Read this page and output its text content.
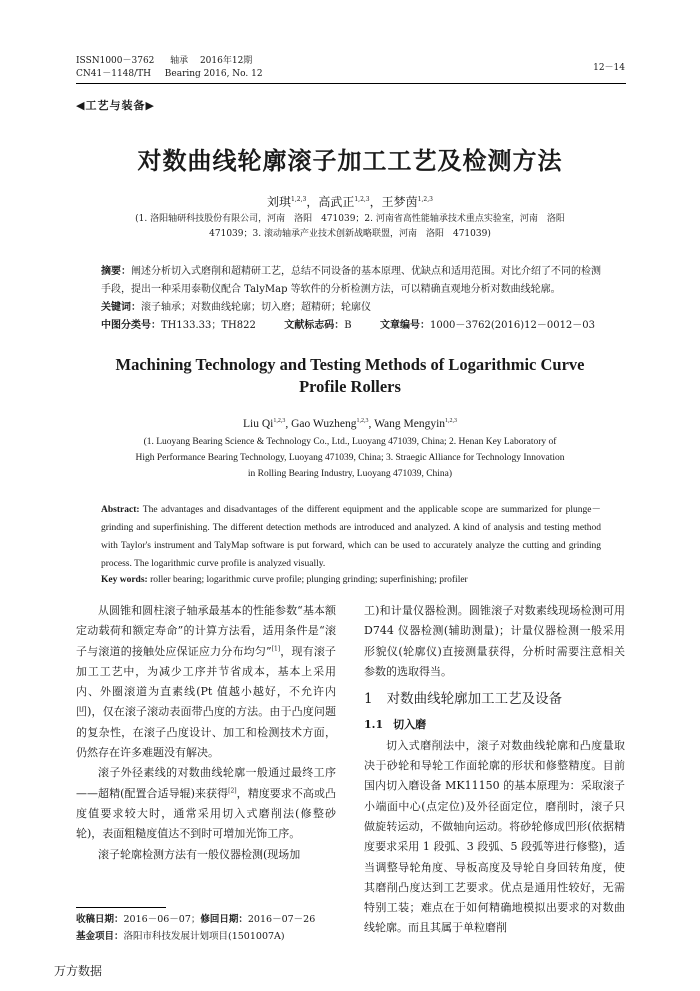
ISSN1000－3762 轴承 2016年12期
CN41－1148/TH Bearing 2016, No. 12
12－14
◀工艺与装备▶
对数曲线轮廓滚子加工工艺及检测方法
刘琪$^{1,2,3}$，高武正$^{1,2,3}$，王梦茵$^{1,2,3}$
(1. 洛阳轴研科技股份有限公司，河南　洛阳　471039；2. 河南省高性能轴承技术重点实验室，河南　洛阳
471039；3. 滚动轴承产业技术创新战略联盟，河南　洛阳　471039)
摘要：阐述分析切入式磨削和超精研工艺，总结不同设备的基本原理、优缺点和适用范围。对比介绍了不同的检测手段，提出一种采用泰勒仪配合 TalyMap 等软件的分析检测方法，可以精确直观地分析对数曲线轮廓。
关键词：滚子轴承；对数曲线轮廓；切入磨；超精研；轮廓仪
中图分类号：TH133.33；TH822	文献标志码：B	文章编号：1000－3762(2016)12－0012－03
Machining Technology and Testing Methods of Logarithmic Curve
Profile Rollers
Liu Qi$^{1,2,3}$, Gao Wuzheng$^{1,2,3}$, Wang Mengyin$^{1,2,3}$
(1. Luoyang Bearing Science & Technology Co., Ltd., Luoyang 471039, China; 2. Henan Key Laboratory of
High Performance Bearing Technology, Luoyang 471039, China; 3. Straegic Alliance for Technology Innovation
in Rolling Bearing Industry, Luoyang 471039, China)
Abstract: The advantages and disadvantages of the different equipment and the applicable scope are summarized for plunge－grinding and superfinishing. The different detection methods are introduced and analyzed. A kind of analysis and testing method with Taylor's instrument and TalyMap software is put forward, which can be used to accurately analyze the cutting and grinding process. The logarithmic curve profile is analyzed visually.
Key words: roller bearing; logarithmic curve profile; plunging grinding; superfinishing; profiler

从圆锥和圆柱滚子轴承最基本的性能参数“基本额定动载荷和额定寿命”的计算方法看，适用条件是“滚子与滚道的接触处应保证应力分布均匀”[1]，现有滚子加工工艺中，为减少工序并节省成本，基本上采用内、外圈滚道为直素线(Pt 值越小越好，不允许内凹)，仅在滚子滚动表面带凸度的方法。由于凸度问题的复杂性，在滚子凸度设计、加工和检测技术方面，仍然存在许多难题没有解决。

滚子外径素线的对数曲线轮廓一般通过最终工序——超精(配置合适导辊)来获得[2]，精度要求不高或凸度值要求较大时，通常采用切入式磨削法(修整砂轮)，表面粗糙度值达不到时可增加光饰工序。

滚子轮廓检测方法有一般仪器检测(现场加

收稿日期：2016－06－07；修回日期：2016－07－26
基金项目：洛阳市科技发展计划项目(1501007A)

工)和计量仪器检测。圆锥滚子对数素线现场检测可用 D744 仪器检测(辅助测量)；计量仪器检测一般采用形貌仪(轮廓仪)直接测量获得，分析时需要注意相关参数的选取得当。

1 对数曲线轮廓加工工艺及设备
1.1 切入磨

切入式磨削法中，滚子对数曲线轮廓和凸度量取决于砂轮和导轮工作面轮廓的形状和修整精度。目前国内切入磨设备 MK11150 的基本原理为：采取滚子小端面中心(点定位)及外径面定位，磨削时，滚子只做旋转运动，不做轴向运动。将砂轮修成凹形(依据精度要求采用 1 段弧、3 段弧、5 段弧等进行修整)，适当调整导轮角度、导板高度及导轮自身回转角度，使其磨削凸度达到工艺要求。优点是通用性较好，无需特别工装；难点在于如何精确地模拟出要求的对数曲线轮廓。而且其属于单粒磨削

万方数据
